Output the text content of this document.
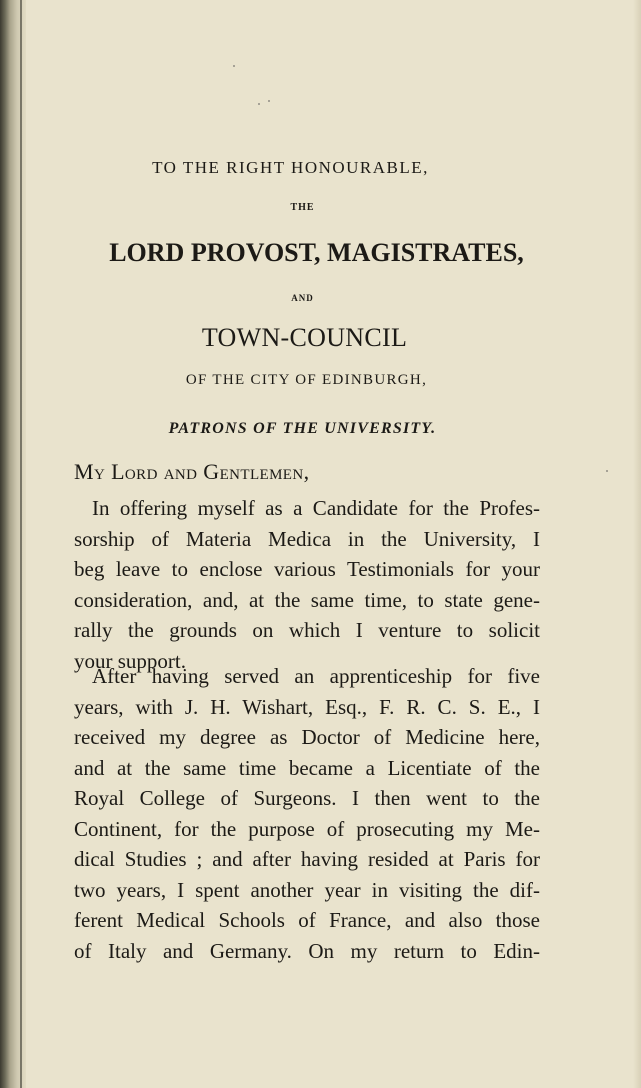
TO THE RIGHT HONOURABLE,
THE
LORD PROVOST, MAGISTRATES,
AND
TOWN-COUNCIL
OF THE CITY OF EDINBURGH,
PATRONS OF THE UNIVERSITY.
My Lord and Gentlemen,
In offering myself as a Candidate for the Profes-
sorship of Materia Medica in the University, I
beg leave to enclose various Testimonials for your
consideration, and, at the same time, to state gene-
rally the grounds on which I venture to solicit
your support.
After having served an apprenticeship for five
years, with J. H. Wishart, Esq., F. R. C. S. E., I
received my degree as Doctor of Medicine here,
and at the same time became a Licentiate of the
Royal College of Surgeons. I then went to the
Continent, for the purpose of prosecuting my Me-
dical Studies ; and after having resided at Paris for
two years, I spent another year in visiting the dif-
ferent Medical Schools of France, and also those
of Italy and Germany. On my return to Edin-
